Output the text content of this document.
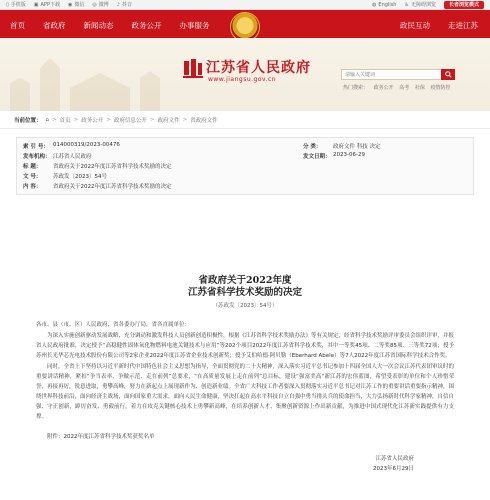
▯ 手机版 ▣ APP下载 ◉ 微信 ◎ 微博 ♪ 抖音	◍ English ♿ 无障碍浏览	长者浏览模式
首页 省政府 新闻动态 政务公开 办事服务	政民互动 走进江苏
江苏省人民政府
www.jiangsu.gov.cn
请输入关键词
热门搜索： 政务公开 高考 社保 疫情防控
当前位置： ⌂ > 首页 > 政务公开 > 政府信息公开 > 政府文件 > 省政府文件
索 引 号： 014000319/2023-00476	分 类：	政府文件 科技 决定
发布机构： 江苏省人民政府	发文日期： 2023-06-29
标 题：	省政府关于2022年度江苏省科学技术奖励的决定
文 号：	苏政发〔2023〕54号
内 容：	省政府关于2022年度江苏省科学技术奖励的决定
省政府关于2022年度
江苏省科学技术奖励的决定
（苏政发〔2023〕54号）

各市、县（市、区）人民政府，省各委办厅局，省各直属单位：

为深入实施创新驱动发展战略，充分调动和激发科技人员创新创造积极性，根据《江苏省科学技术奖励办法》等有关规定，经省科学技术奖励评审委员会组织评审，并报省人民政府批准，决定授予“高稳健性固体氧化物燃料电池关键技术与应用”等202个项目2022年度江苏省科学技术奖，其中一等奖45项、二等奖85项、三等奖72项；授予苏州长光华芯光电技术股份有限公司等2家企业2022年度江苏省企业技术创新奖；授予艾伯哈德·阿贝勒（Eberhard Abele）等7人2022年度江苏省国际科学技术合作奖。

同时，全省上下坚持以习近平新时代中国特色社会主义思想为指导，全面贯彻党的二十大精神，深入落实习近平总书记参加十四届全国人大一次会议江苏代表团审议时的重要讲话精神，紧扣“争当表率、争做示范、走在前列”总要求，“在高质量发展上走在前列”总目标，建设“强富美高”新江苏的宏伟蓝图，希望受表彰的单位和个人珍惜荣誉，再接再厉，锐意进取，勇攀高峰，努力在新起点上展现新作为、创造新业绩。全省广大科技工作者要深入贯彻落实习近平总书记对江苏工作的重要讲话重要指示精神，围绕世界科技前沿，面向经济主战场，面向国家重大需求，面向人民生命健康，坚决扛起在高水平科技自立自强中勇当排头兵的使命担当，大力弘扬新时代科学家精神，自信自强、守正创新，踔厉奋发、勇毅前行，着力在攻克关键核心技术上勇攀新高峰，在培养创新人才、集聚创新资源上作出新贡献，为推进中国式现代化江苏新实践提供有力支撑。

附件：2022年度江苏省科学技术奖获奖名单

江苏省人民政府
2023年6月29日
